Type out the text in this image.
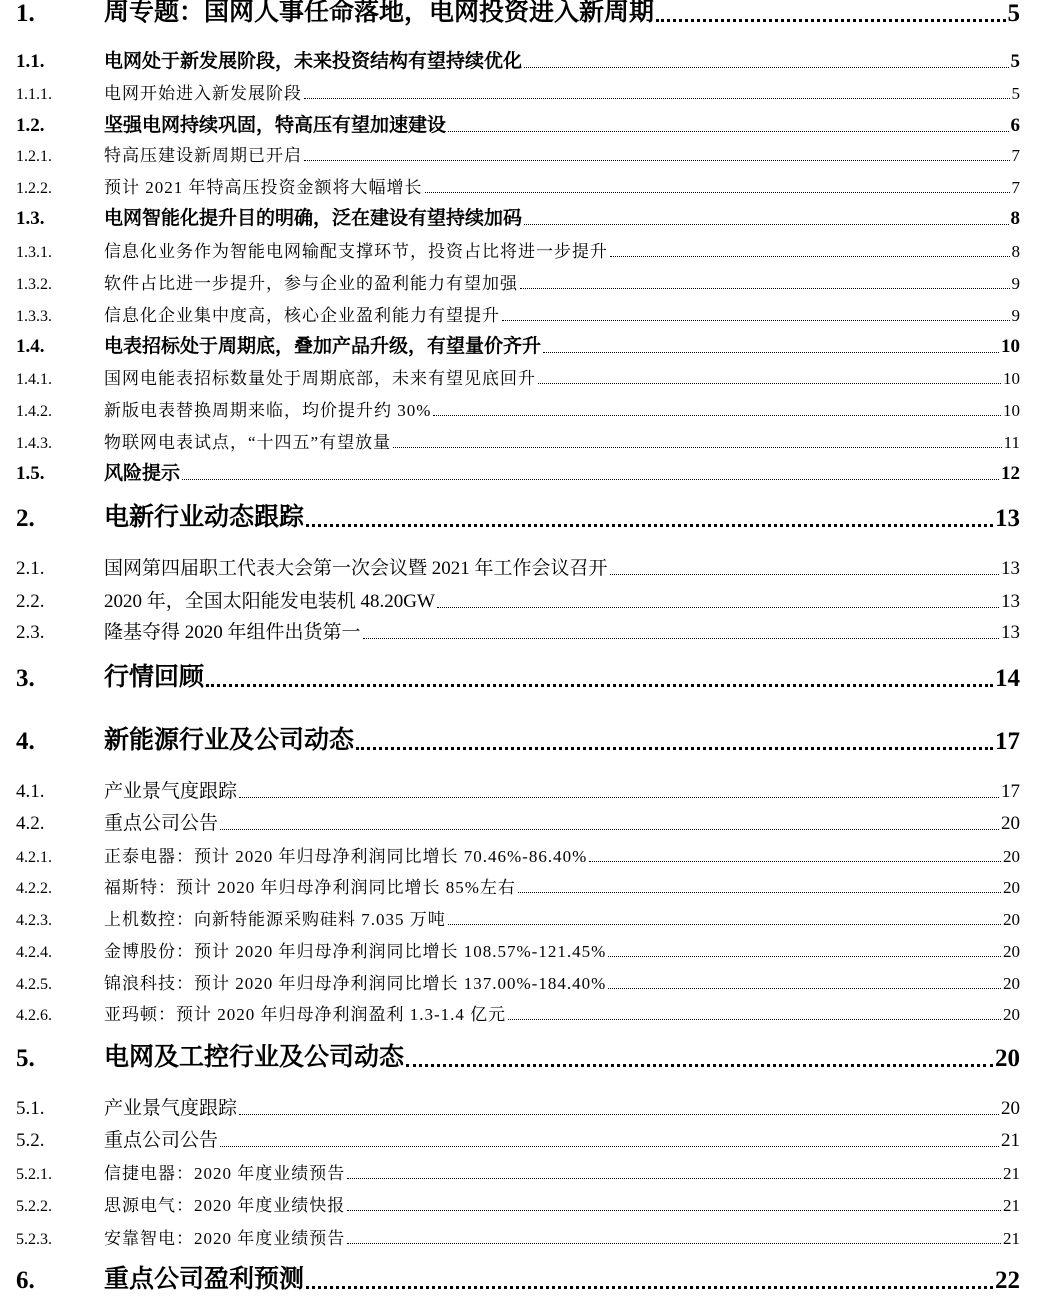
1.	周专题：国网人事任命落地，电网投资进入新周期	5
1.1.	电网处于新发展阶段，未来投资结构有望持续优化	5
1.1.1.	电网开始进入新发展阶段	5
1.2.	坚强电网持续巩固，特高压有望加速建设	6
1.2.1.	特高压建设新周期已开启	7
1.2.2.	预计 2021 年特高压投资金额将大幅增长	7
1.3.	电网智能化提升目的明确，泛在建设有望持续加码	8
1.3.1.	信息化业务作为智能电网输配支撑环节，投资占比将进一步提升	8
1.3.2.	软件占比进一步提升，参与企业的盈利能力有望加强	9
1.3.3.	信息化企业集中度高，核心企业盈利能力有望提升	9
1.4.	电表招标处于周期底，叠加产品升级，有望量价齐升	10
1.4.1.	国网电能表招标数量处于周期底部，未来有望见底回升	10
1.4.2.	新版电表替换周期来临，均价提升约 30%	10
1.4.3.	物联网电表试点，“十四五”有望放量	11
1.5.	风险提示	12
2.	电新行业动态跟踪	13
2.1.	国网第四届职工代表大会第一次会议暨 2021 年工作会议召开	13
2.2.	2020 年，全国太阳能发电装机 48.20GW	13
2.3.	隆基夺得 2020 年组件出货第一	13
3.	行情回顾	14
4.	新能源行业及公司动态	17
4.1.	产业景气度跟踪	17
4.2.	重点公司公告	20
4.2.1.	正泰电器：预计 2020 年归母净利润同比增长 70.46%-86.40%	20
4.2.2.	福斯特：预计 2020 年归母净利润同比增长 85%左右	20
4.2.3.	上机数控：向新特能源采购硅料 7.035 万吨	20
4.2.4.	金博股份：预计 2020 年归母净利润同比增长 108.57%-121.45%	20
4.2.5.	锦浪科技：预计 2020 年归母净利润同比增长 137.00%-184.40%	20
4.2.6.	亚玛顿：预计 2020 年归母净利润盈利 1.3-1.4 亿元	20
5.	电网及工控行业及公司动态	20
5.1.	产业景气度跟踪	20
5.2.	重点公司公告	21
5.2.1.	信捷电器：2020 年度业绩预告	21
5.2.2.	思源电气：2020 年度业绩快报	21
5.2.3.	安靠智电：2020 年度业绩预告	21
6.	重点公司盈利预测	22
